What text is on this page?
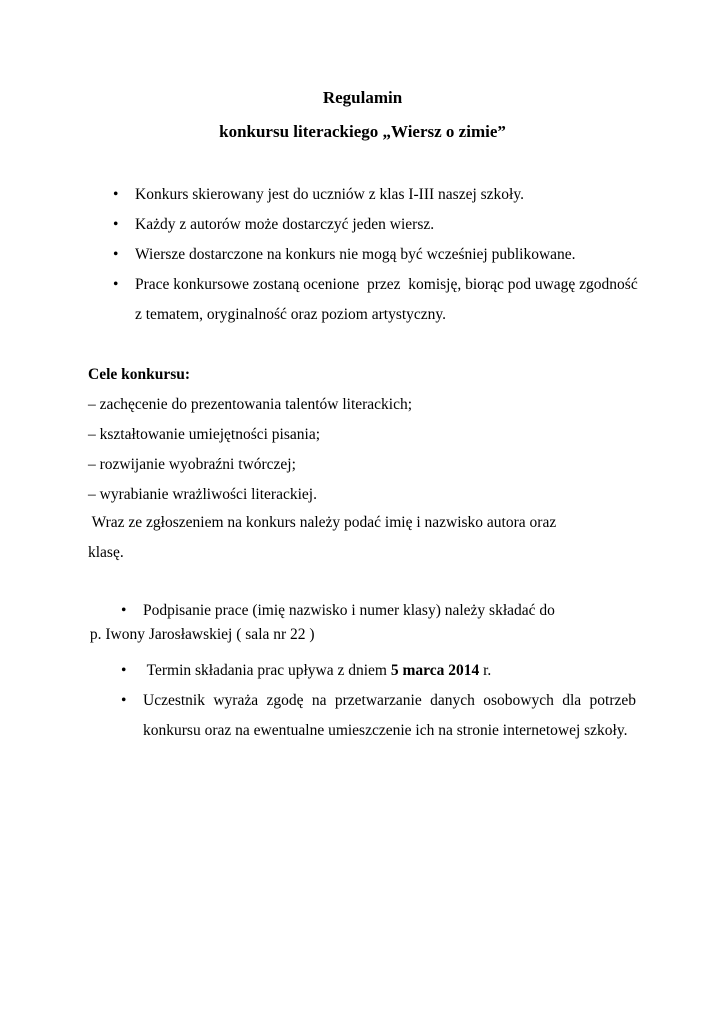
Regulamin
konkursu literackiego „Wiersz o zimie”
• Konkurs skierowany jest do uczniów z klas I-III naszej szkoły.
• Każdy z autorów może dostarczyć jeden wiersz.
• Wiersze dostarczone na konkurs nie mogą być wcześniej publikowane.
• Prace konkursowe zostaną ocenione  przez  komisję, biorąc pod uwagę zgodność z tematem, oryginalność oraz poziom artystyczny.

Cele konkursu:

– zachęcenie do prezentowania talentów literackich;

– kształtowanie umiejętności pisania;

– rozwijanie wyobraźni twórczej;

– wyrabianie wrażliwości literackiej.

Wraz ze zgłoszeniem na konkurs należy podać imię i nazwisko autora oraz

klasę.

• Podpisanie prace (imię nazwisko i numer klasy) należy składać do

p. Iwony Jarosławskiej ( sala nr 22 )

• Termin składania prac upływa z dniem 5 marca 2014 r.
• Uczestnik wyraża zgodę na przetwarzanie danych osobowych dla potrzeb konkursu oraz na ewentualne umieszczenie ich na stronie internetowej szkoły.
